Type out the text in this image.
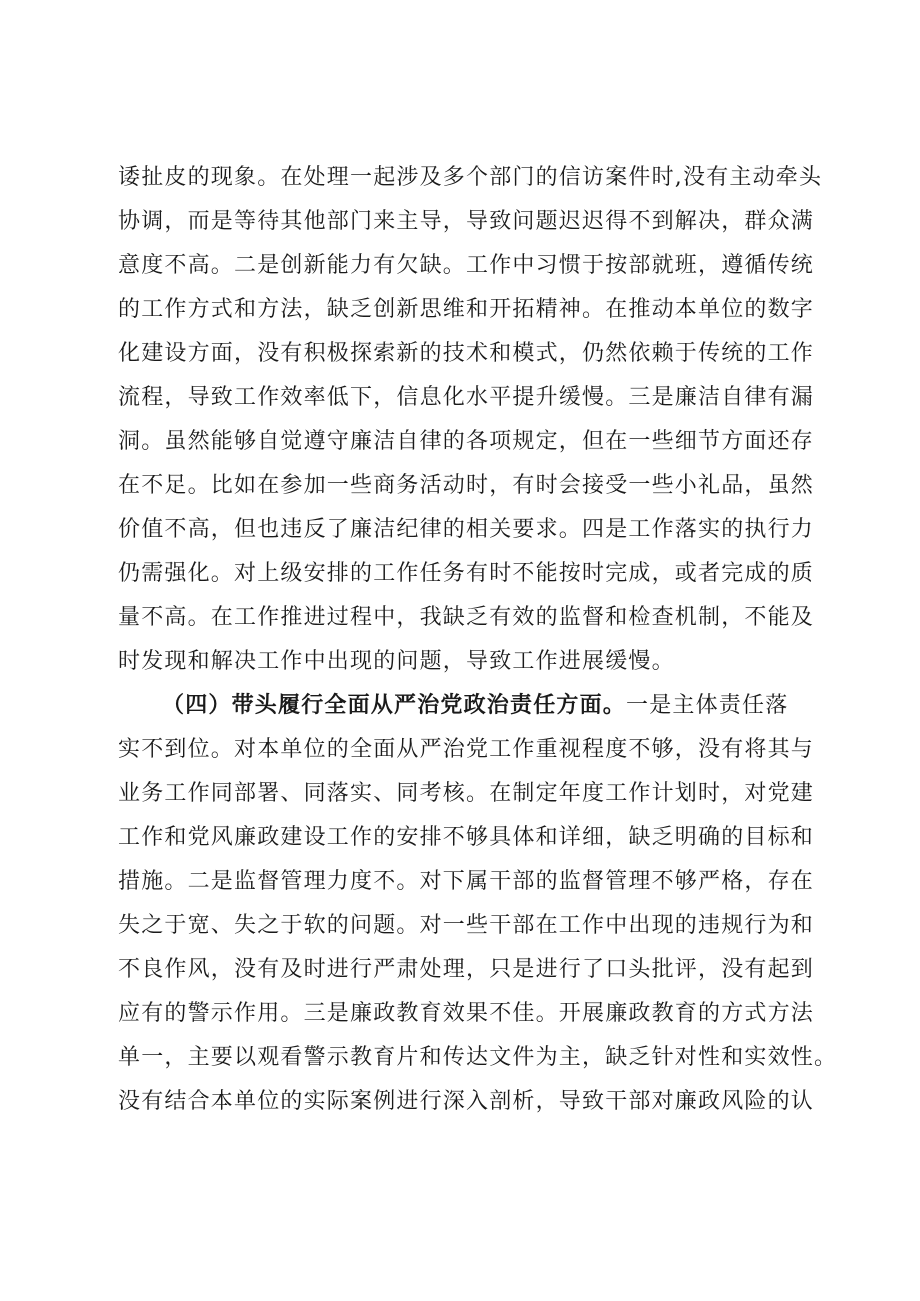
诿扯皮的现象。在处理一起涉及多个部门的信访案件时,没有主动牵头
协调，而是等待其他部门来主导，导致问题迟迟得不到解决，群众满
意度不高。二是创新能力有欠缺。工作中习惯于按部就班，遵循传统
的工作方式和方法，缺乏创新思维和开拓精神。在推动本单位的数字
化建设方面，没有积极探索新的技术和模式，仍然依赖于传统的工作
流程，导致工作效率低下，信息化水平提升缓慢。三是廉洁自律有漏
洞。虽然能够自觉遵守廉洁自律的各项规定，但在一些细节方面还存
在不足。比如在参加一些商务活动时，有时会接受一些小礼品，虽然
价值不高，但也违反了廉洁纪律的相关要求。四是工作落实的执行力
仍需强化。对上级安排的工作任务有时不能按时完成，或者完成的质
量不高。在工作推进过程中，我缺乏有效的监督和检查机制，不能及
时发现和解决工作中出现的问题，导致工作进展缓慢。
（四）带头履行全面从严治党政治责任方面。一是主体责任落
实不到位。对本单位的全面从严治党工作重视程度不够，没有将其与
业务工作同部署、同落实、同考核。在制定年度工作计划时，对党建
工作和党风廉政建设工作的安排不够具体和详细，缺乏明确的目标和
措施。二是监督管理力度不。对下属干部的监督管理不够严格，存在
失之于宽、失之于软的问题。对一些干部在工作中出现的违规行为和
不良作风，没有及时进行严肃处理，只是进行了口头批评，没有起到
应有的警示作用。三是廉政教育效果不佳。开展廉政教育的方式方法
单一，主要以观看警示教育片和传达文件为主，缺乏针对性和实效性。
没有结合本单位的实际案例进行深入剖析，导致干部对廉政风险的认
